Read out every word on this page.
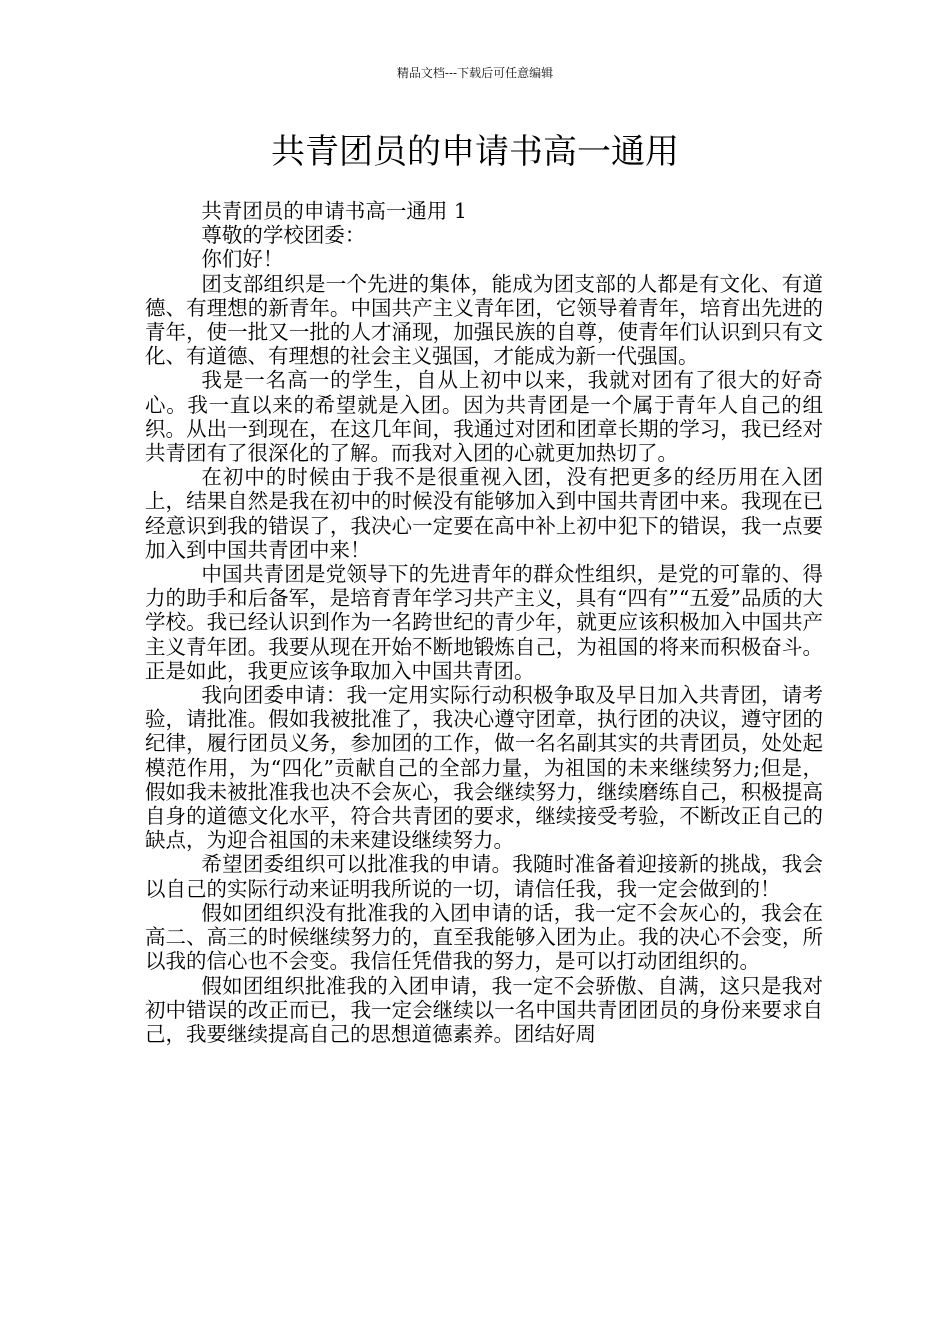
精品文档---下载后可任意编辑
共青团员的申请书高一通用

共青团员的申请书高一通用 1

尊敬的学校团委：

你们好！

团支部组织是一个先进的集体，能成为团支部的人都是有文化、有道德、有理想的新青年。中国共产主义青年团，它领导着青年，培育出先进的青年，使一批又一批的人才涌现，加强民族的自尊，使青年们认识到只有文化、有道德、有理想的社会主义强国，才能成为新一代强国。

我是一名高一的学生，自从上初中以来，我就对团有了很大的好奇心。我一直以来的希望就是入团。因为共青团是一个属于青年人自己的组织。从出一到现在，在这几年间，我通过对团和团章长期的学习，我已经对共青团有了很深化的了解。而我对入团的心就更加热切了。

在初中的时候由于我不是很重视入团，没有把更多的经历用在入团上，结果自然是我在初中的时候没有能够加入到中国共青团中来。我现在已经意识到我的错误了，我决心一定要在高中补上初中犯下的错误，我一点要加入到中国共青团中来！

中国共青团是党领导下的先进青年的群众性组织，是党的可靠的、得力的助手和后备军，是培育青年学习共产主义，具有“四有”“五爱”品质的大学校。我已经认识到作为一名跨世纪的青少年，就更应该积极加入中国共产主义青年团。我要从现在开始不断地锻炼自己，为祖国的将来而积极奋斗。正是如此，我更应该争取加入中国共青团。

我向团委申请：我一定用实际行动积极争取及早日加入共青团，请考验，请批准。假如我被批准了，我决心遵守团章，执行团的决议，遵守团的纪律，履行团员义务，参加团的工作，做一名名副其实的共青团员，处处起模范作用，为“四化”贡献自己的全部力量，为祖国的未来继续努力;但是，假如我未被批准我也决不会灰心，我会继续努力，继续磨练自己，积极提高自身的道德文化水平，符合共青团的要求，继续接受考验，不断改正自己的缺点，为迎合祖国的未来建设继续努力。

希望团委组织可以批准我的申请。我随时准备着迎接新的挑战，我会以自己的实际行动来证明我所说的一切，请信任我，我一定会做到的！

假如团组织没有批准我的入团申请的话，我一定不会灰心的，我会在高二、高三的时候继续努力的，直至我能够入团为止。我的决心不会变，所以我的信心也不会变。我信任凭借我的努力，是可以打动团组织的。

假如团组织批准我的入团申请，我一定不会骄傲、自满，这只是我对初中错误的改正而已，我一定会继续以一名中国共青团团员的身份来要求自己，我要继续提高自己的思想道德素养。团结好周
